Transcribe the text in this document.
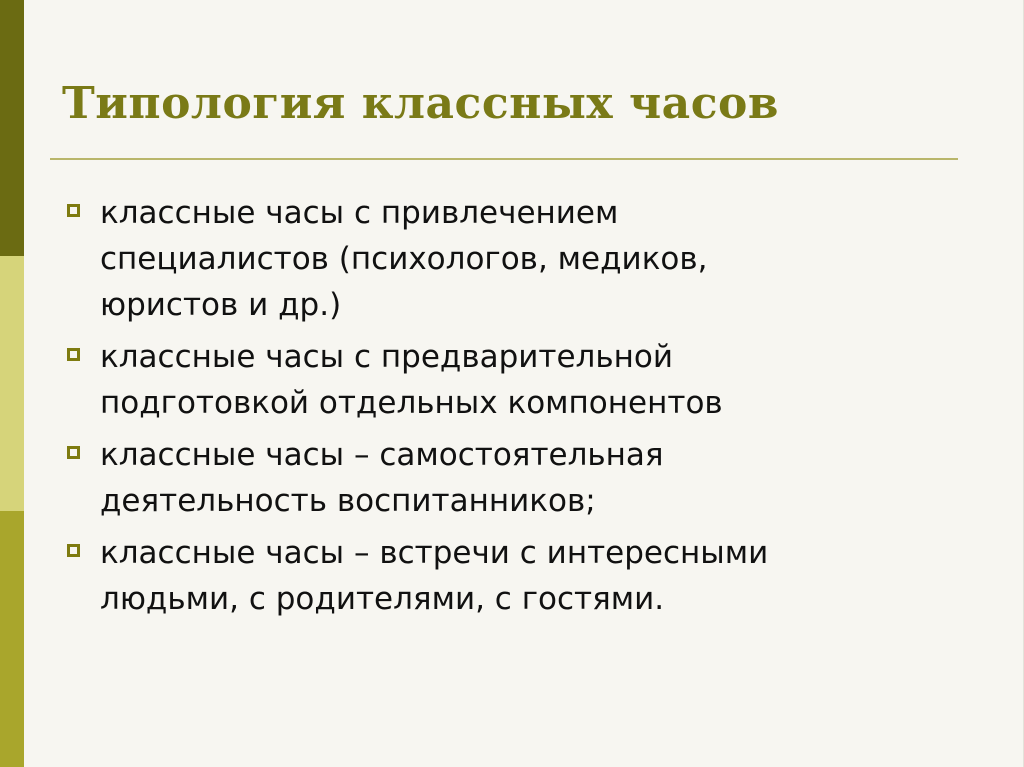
Типология классных часов
классные часы с привлечением
специалистов (психологов, медиков,
юристов и др.)
классные часы с предварительной
подготовкой отдельных компонентов
классные часы – самостоятельная
деятельность воспитанников;
классные часы – встречи с интересными
людьми, с родителями, с гостями.
